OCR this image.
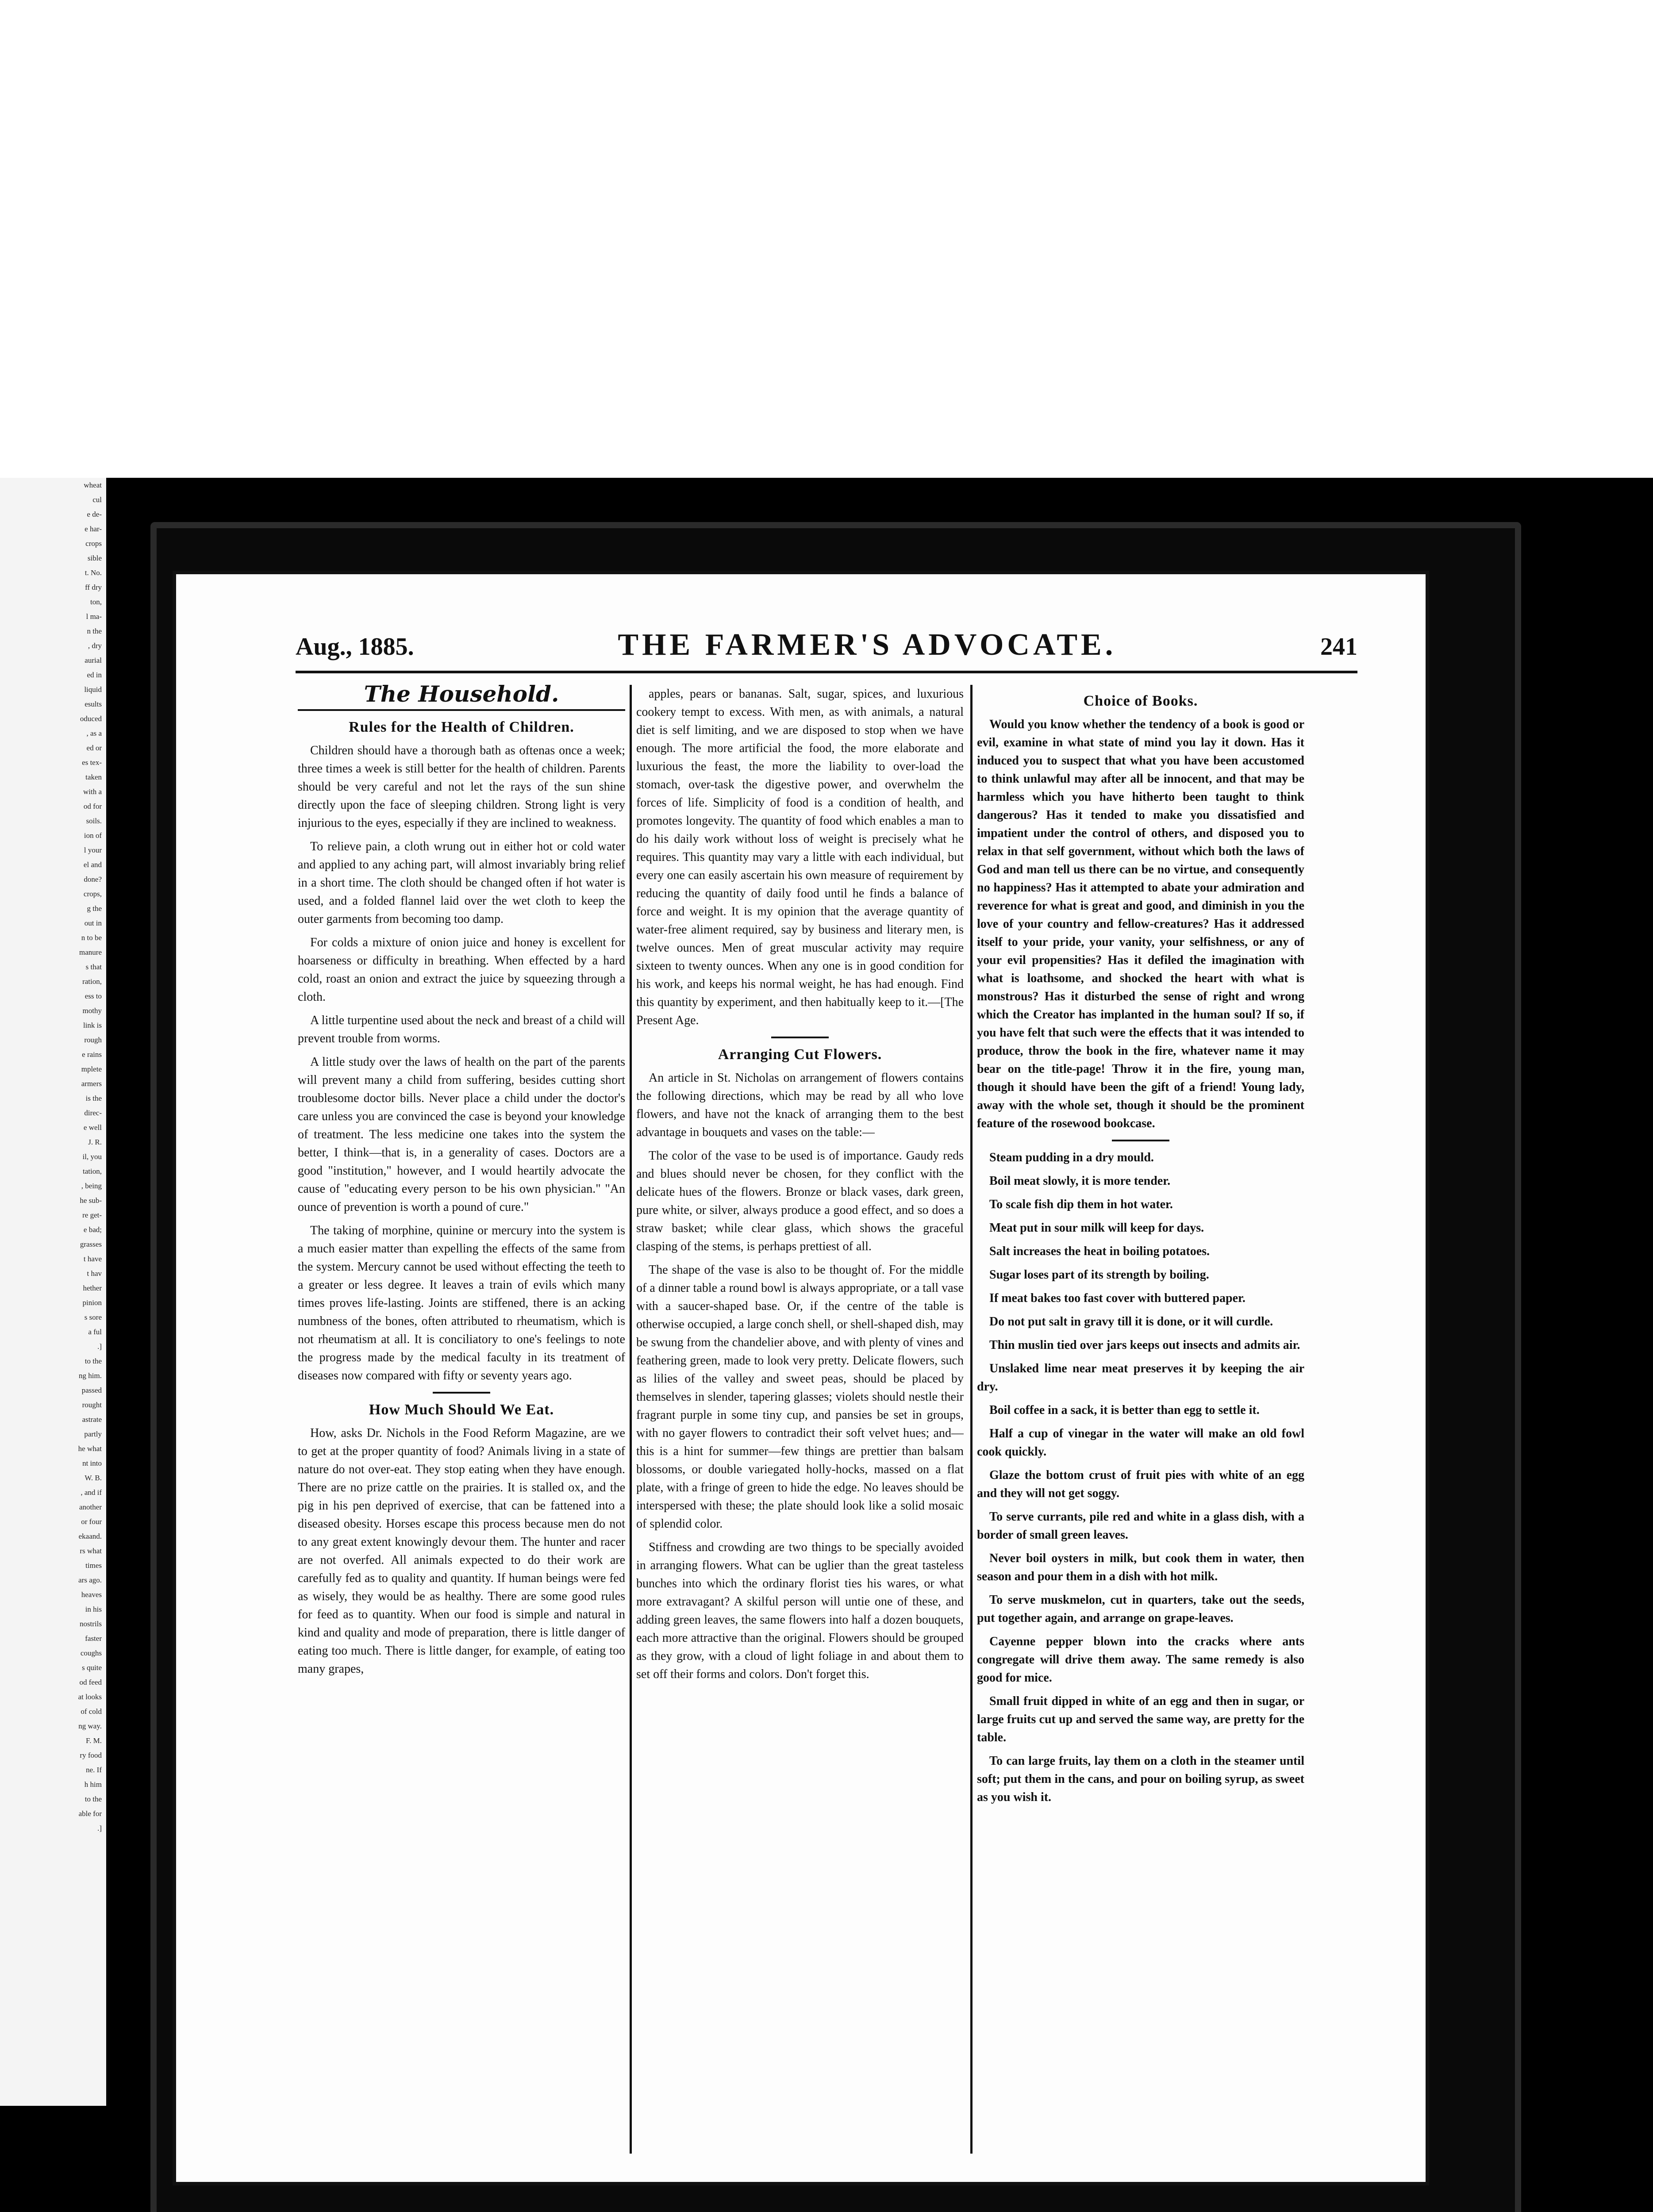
wheat
cul
e de-
e har-
crops
sible
t. No.
ff dry
ton,
l ma-
n the
, dry
aurial
ed in
liquid
esults
oduced
, as a
ed or
es tex-
taken
with a
od for
soils.
ion of
l your
el and
done?
crops,
g the
out in
n to be
manure
s that
ration,
ess to
mothy
link is
rough
e rains
mplete
armers
is the
direc-
e well
J. R.
il, you
tation,
, being
he sub-
re get-
e bad;
grasses
t have
t hav
hether
pinion
s sore
a ful
.]
to the
ng him.
passed
rought
astrate
partly
he what
nt into
W. B.
, and if
another
or four
ekaand.
rs what
times
ars ago.
heaves
in his
nostrils
faster
coughs
s quite
od feed
at looks
of cold
ng way.
F. M.
ry food
ne. If
h him
to the
able for
.]
Aug., 1885.	THE FARMER'S ADVOCATE.	241
The Household.
Rules for the Health of Children.

Children should have a thorough bath as oftenas once a week; three times a week is still better for the health of children. Parents should be very careful and not let the rays of the sun shine directly upon the face of sleeping children. Strong light is very injurious to the eyes, especially if they are inclined to weakness.

To relieve pain, a cloth wrung out in either hot or cold water and applied to any aching part, will almost invariably bring relief in a short time. The cloth should be changed often if hot water is used, and a folded flannel laid over the wet cloth to keep the outer garments from becoming too damp.

For colds a mixture of onion juice and honey is excellent for hoarseness or difficulty in breathing. When effected by a hard cold, roast an onion and extract the juice by squeezing through a cloth.

A little turpentine used about the neck and breast of a child will prevent trouble from worms.

A little study over the laws of health on the part of the parents will prevent many a child from suffering, besides cutting short troublesome doctor bills. Never place a child under the doctor's care unless you are convinced the case is beyond your knowledge of treatment. The less medicine one takes into the system the better, I think—that is, in a generality of cases. Doctors are a good "institution," however, and I would heartily advocate the cause of "educating every person to be his own physician." "An ounce of prevention is worth a pound of cure."

The taking of morphine, quinine or mercury into the system is a much easier matter than expelling the effects of the same from the system. Mercury cannot be used without effecting the teeth to a greater or less degree. It leaves a train of evils which many times proves life-lasting. Joints are stiffened, there is an acking numbness of the bones, often attributed to rheumatism, which is not rheumatism at all. It is conciliatory to one's feelings to note the progress made by the medical faculty in its treatment of diseases now compared with fifty or seventy years ago.

How Much Should We Eat.

How, asks Dr. Nichols in the Food Reform Magazine, are we to get at the proper quantity of food? Animals living in a state of nature do not over-eat. They stop eating when they have enough. There are no prize cattle on the prairies. It is stalled ox, and the pig in his pen deprived of exercise, that can be fattened into a diseased obesity. Horses escape this process because men do not to any great extent knowingly devour them. The hunter and racer are not overfed. All animals expected to do their work are carefully fed as to quality and quantity. If human beings were fed as wisely, they would be as healthy. There are some good rules for feed as to quantity. When our food is simple and natural in kind and quality and mode of preparation, there is little danger of eating too much. There is little danger, for example, of eating too many grapes,

apples, pears or bananas. Salt, sugar, spices, and luxurious cookery tempt to excess. With men, as with animals, a natural diet is self limiting, and we are disposed to stop when we have enough. The more artificial the food, the more elaborate and luxurious the feast, the more the liability to over-load the stomach, over-task the digestive power, and overwhelm the forces of life. Simplicity of food is a condition of health, and promotes longevity. The quantity of food which enables a man to do his daily work without loss of weight is precisely what he requires. This quantity may vary a little with each individual, but every one can easily ascertain his own measure of requirement by reducing the quantity of daily food until he finds a balance of force and weight. It is my opinion that the average quantity of water-free aliment required, say by business and literary men, is twelve ounces. Men of great muscular activity may require sixteen to twenty ounces. When any one is in good condition for his work, and keeps his normal weight, he has had enough. Find this quantity by experiment, and then habitually keep to it.—[The Present Age.

Arranging Cut Flowers.

An article in St. Nicholas on arrangement of flowers contains the following directions, which may be read by all who love flowers, and have not the knack of arranging them to the best advantage in bouquets and vases on the table:—

The color of the vase to be used is of importance. Gaudy reds and blues should never be chosen, for they conflict with the delicate hues of the flowers. Bronze or black vases, dark green, pure white, or silver, always produce a good effect, and so does a straw basket; while clear glass, which shows the graceful clasping of the stems, is perhaps prettiest of all.

The shape of the vase is also to be thought of. For the middle of a dinner table a round bowl is always appropriate, or a tall vase with a saucer-shaped base. Or, if the centre of the table is otherwise occupied, a large conch shell, or shell-shaped dish, may be swung from the chandelier above, and with plenty of vines and feathering green, made to look very pretty. Delicate flowers, such as lilies of the valley and sweet peas, should be placed by themselves in slender, tapering glasses; violets should nestle their fragrant purple in some tiny cup, and pansies be set in groups, with no gayer flowers to contradict their soft velvet hues; and—this is a hint for summer—few things are prettier than balsam blossoms, or double variegated holly-hocks, massed on a flat plate, with a fringe of green to hide the edge. No leaves should be interspersed with these; the plate should look like a solid mosaic of splendid color.

Stiffness and crowding are two things to be specially avoided in arranging flowers. What can be uglier than the great tasteless bunches into which the ordinary florist ties his wares, or what more extravagant? A skilful person will untie one of these, and adding green leaves, the same flowers into half a dozen bouquets, each more attractive than the original. Flowers should be grouped as they grow, with a cloud of light foliage in and about them to set off their forms and colors. Don't forget this.

Choice of Books.

Would you know whether the tendency of a book is good or evil, examine in what state of mind you lay it down. Has it induced you to suspect that what you have been accustomed to think unlawful may after all be innocent, and that may be harmless which you have hitherto been taught to think dangerous? Has it tended to make you dissatisfied and impatient under the control of others, and disposed you to relax in that self government, without which both the laws of God and man tell us there can be no virtue, and consequently no happiness? Has it attempted to abate your admiration and reverence for what is great and good, and diminish in you the love of your country and fellow-creatures? Has it addressed itself to your pride, your vanity, your selfishness, or any of your evil propensities? Has it defiled the imagination with what is loathsome, and shocked the heart with what is monstrous? Has it disturbed the sense of right and wrong which the Creator has implanted in the human soul? If so, if you have felt that such were the effects that it was intended to produce, throw the book in the fire, whatever name it may bear on the title-page! Throw it in the fire, young man, though it should have been the gift of a friend! Young lady, away with the whole set, though it should be the prominent feature of the rosewood bookcase.

Steam pudding in a dry mould.

Boil meat slowly, it is more tender.

To scale fish dip them in hot water.

Meat put in sour milk will keep for days.

Salt increases the heat in boiling potatoes.

Sugar loses part of its strength by boiling.

If meat bakes too fast cover with buttered paper.

Do not put salt in gravy till it is done, or it will curdle.

Thin muslin tied over jars keeps out insects and admits air.

Unslaked lime near meat preserves it by keeping the air dry.

Boil coffee in a sack, it is better than egg to settle it.

Half a cup of vinegar in the water will make an old fowl cook quickly.

Glaze the bottom crust of fruit pies with white of an egg and they will not get soggy.

To serve currants, pile red and white in a glass dish, with a border of small green leaves.

Never boil oysters in milk, but cook them in water, then season and pour them in a dish with hot milk.

To serve muskmelon, cut in quarters, take out the seeds, put together again, and arrange on grape-leaves.

Cayenne pepper blown into the cracks where ants congregate will drive them away. The same remedy is also good for mice.

Small fruit dipped in white of an egg and then in sugar, or large fruits cut up and served the same way, are pretty for the table.

To can large fruits, lay them on a cloth in the steamer until soft; put them in the cans, and pour on boiling syrup, as sweet as you wish it.
